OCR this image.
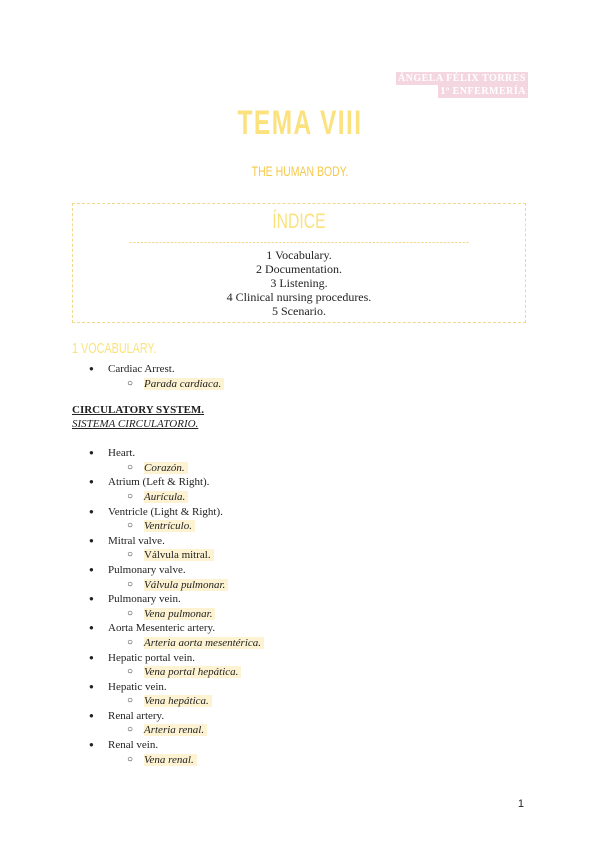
ÁNGELA FÉLIX TORRES
1º ENFERMERÍA
TEMA VIII
THE HUMAN BODY.
ÍNDICE
1 Vocabulary.
2 Documentation.
3 Listening.
4 Clinical nursing procedures.
5 Scenario.
1 VOCABULARY.
● Cardiac Arrest.
○ Parada cardiaca.
CIRCULATORY SYSTEM.
SISTEMA CIRCULATORIO.
● Heart.
○ Corazón.
● Atrium (Left & Right).
○ Aurícula.
● Ventricle (Light & Right).
○ Ventrículo.
● Mitral valve.
○ Válvula mitral.
● Pulmonary valve.
○ Válvula pulmonar.
● Pulmonary vein.
○ Vena pulmonar.
● Aorta Mesenteric artery.
○ Arteria aorta mesentérica.
● Hepatic portal vein.
○ Vena portal hepática.
● Hepatic vein.
○ Vena hepática.
● Renal artery.
○ Arteria renal.
● Renal vein.
○ Vena renal.
1
